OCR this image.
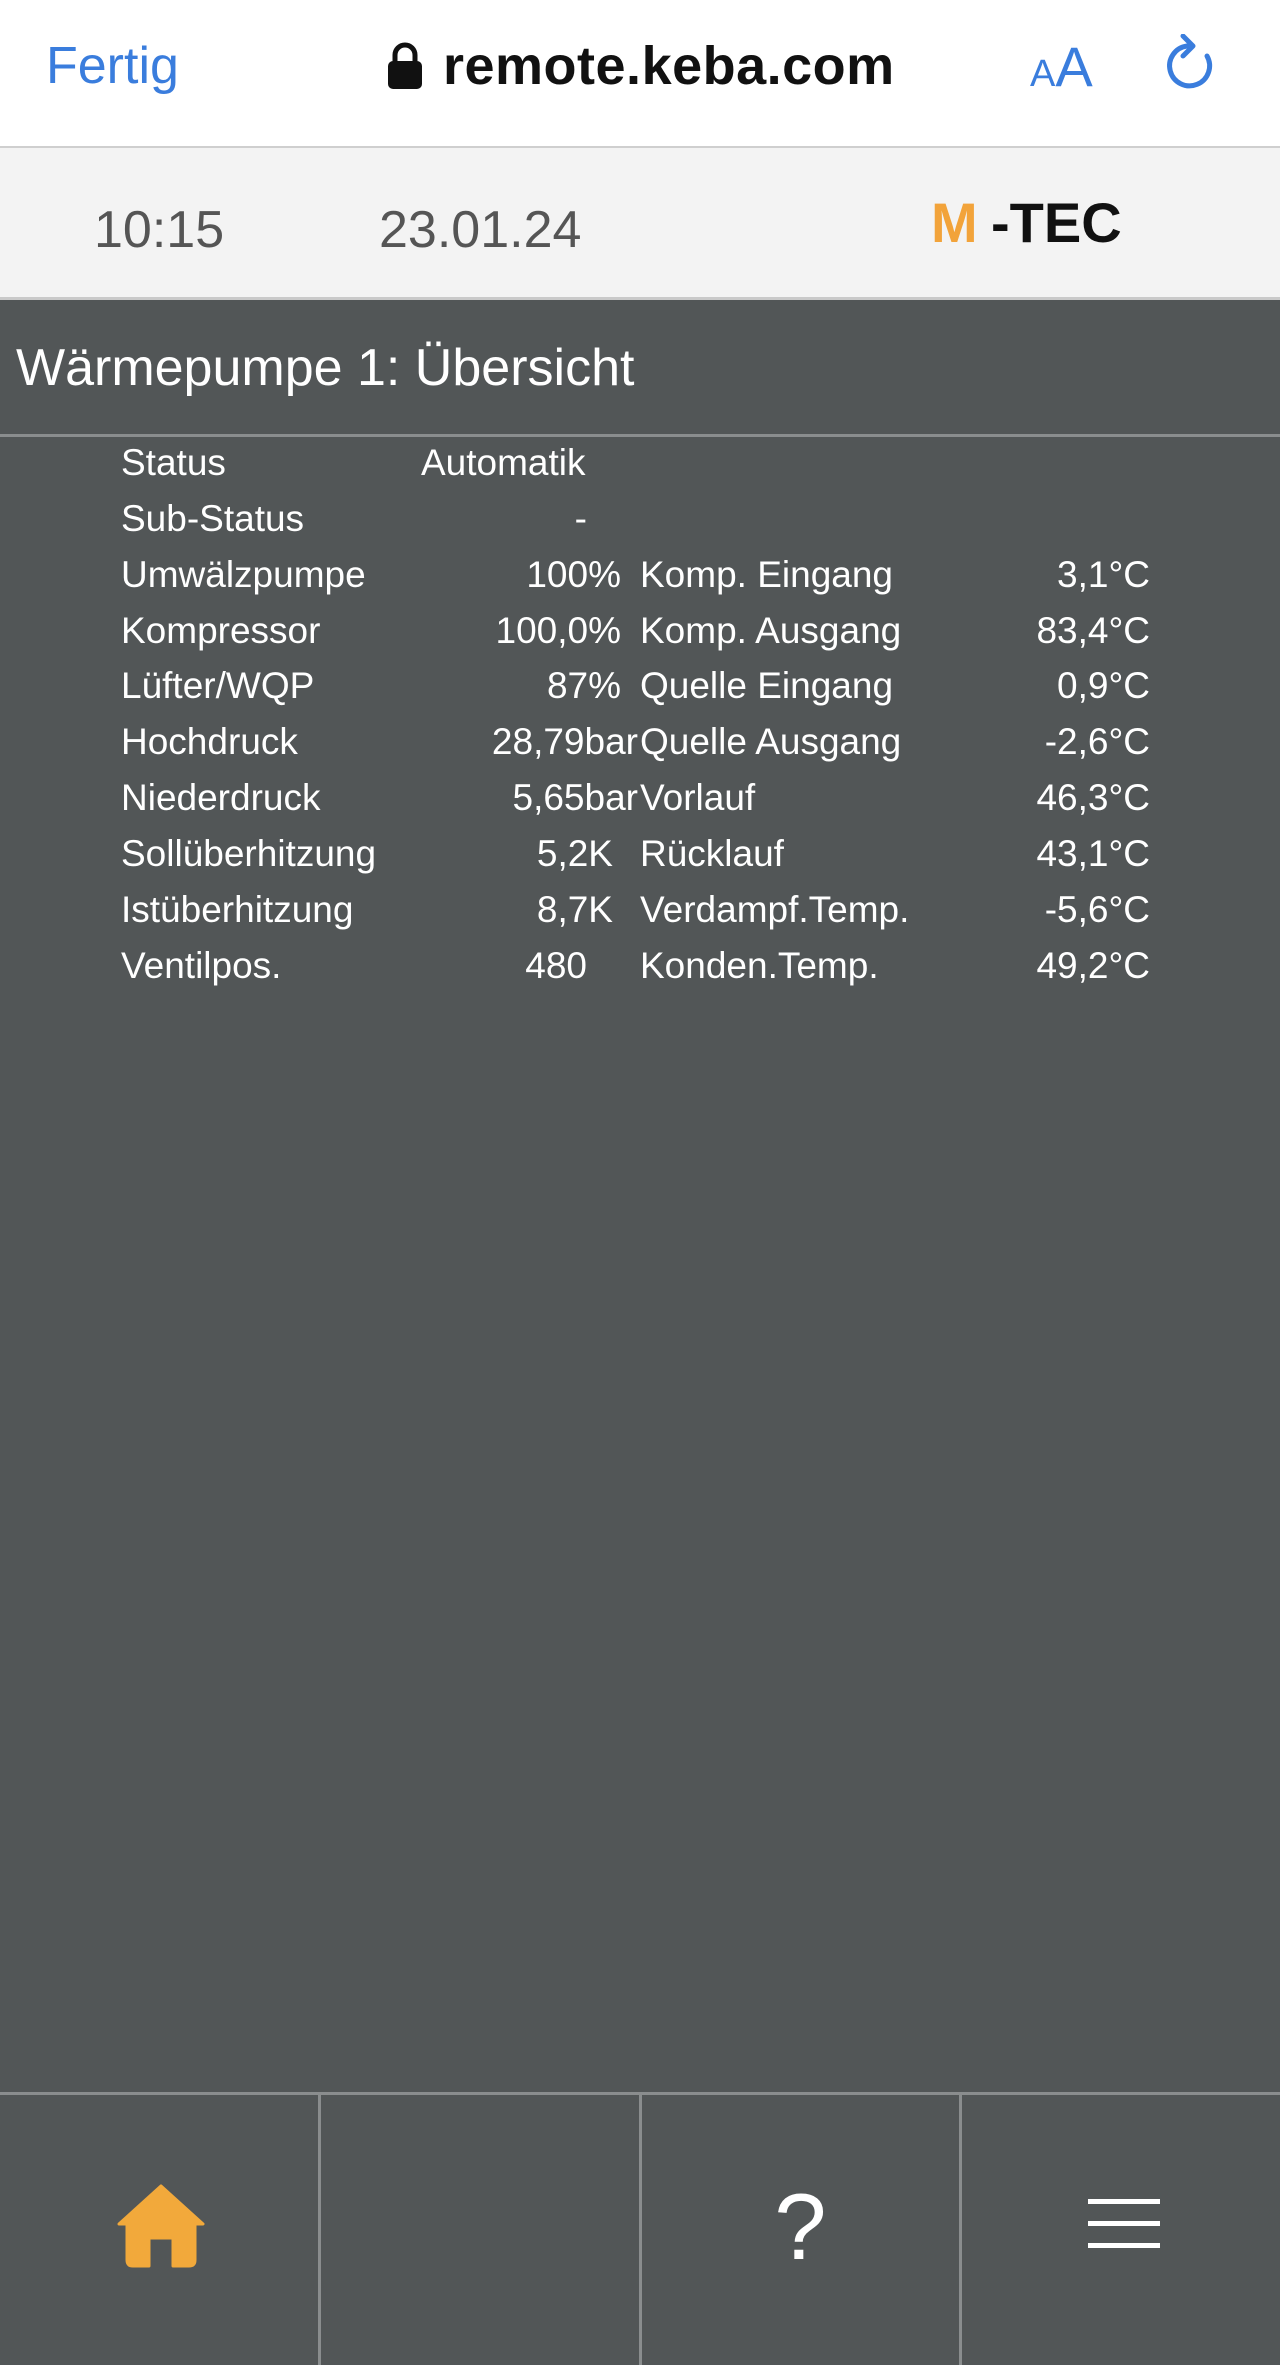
Fertig	remote.keba.com	AA
10:15	23.01.24	M -TEC
Wärmepumpe 1: Übersicht
Status	Automatik
Sub-Status	-
Umwälzpumpe	100% Komp. Eingang	3,1°C
Kompressor	100,0% Komp. Ausgang	83,4°C
Lüfter/WQP	87% Quelle Eingang	0,9°C
Hochdruck	28,79bar Quelle Ausgang	-2,6°C
Niederdruck	5,65bar Vorlauf	46,3°C
Sollüberhitzung	5,2K Rücklauf	43,1°C
Istüberhitzung	8,7K Verdampf.Temp.	-5,6°C
Ventilpos.	480 Konden.Temp.	49,2°C
?
